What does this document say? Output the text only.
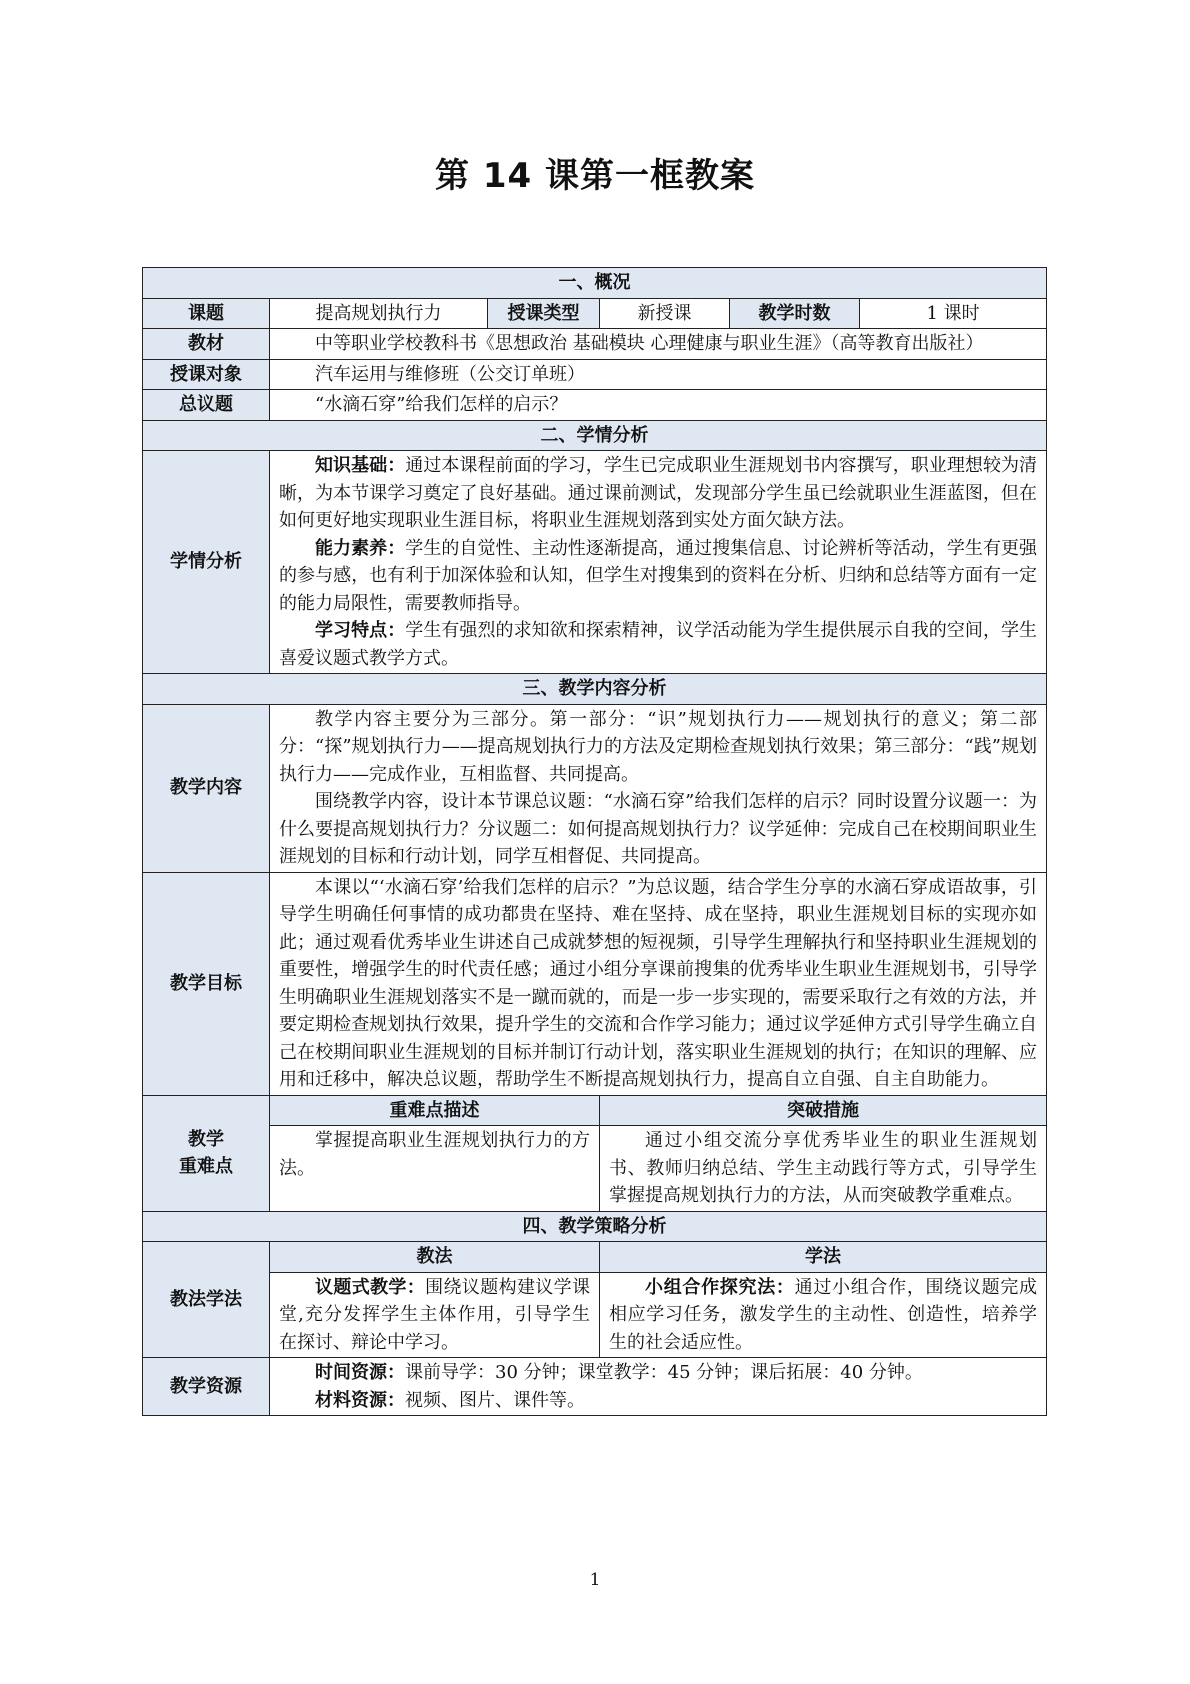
第 14 课第一框教案
一、概况					
课题	提高规划执行力	授课类型	新授课	教学时数	1 课时
教材	中等职业学校教科书《思想政治 基础模块 心理健康与职业生涯》（高等教育出版社）				
授课对象	汽车运用与维修班（公交订单班）				
总议题	“水滴石穿”给我们怎样的启示？				
二、学情分析					
学情分析	知识基础：通过本课程前面的学习，学生已完成职业生涯规划书内容撰写，职业理想较为清晰，为本节课学习奠定了良好基础。通过课前测试，发现部分学生虽已绘就职业生涯蓝图，但在如何更好地实现职业生涯目标，将职业生涯规划落到实处方面欠缺方法。
能力素养：学生的自觉性、主动性逐渐提高，通过搜集信息、讨论辨析等活动，学生有更强的参与感，也有利于加深体验和认知，但学生对搜集到的资料在分析、归纳和总结等方面有一定的能力局限性，需要教师指导。
学习特点：学生有强烈的求知欲和探索精神，议学活动能为学生提供展示自我的空间，学生喜爱议题式教学方式。				

三、教学内容分析					
教学内容	教学内容主要分为三部分。第一部分：“识”规划执行力——规划执行的意义；第二部分：“探”规划执行力——提高规划执行力的方法及定期检查规划执行效果；第三部分：“践”规划执行力——完成作业，互相监督、共同提高。
围绕教学内容，设计本节课总议题：“水滴石穿”给我们怎样的启示？同时设置分议题一：为什么要提高规划执行力？分议题二：如何提高规划执行力？议学延伸：完成自己在校期间职业生涯规划的目标和行动计划，同学互相督促、共同提高。				

教学目标	本课以“‘水滴石穿’给我们怎样的启示？”为总议题，结合学生分享的水滴石穿成语故事，引导学生明确任何事情的成功都贵在坚持、难在坚持、成在坚持，职业生涯规划目标的实现亦如此；通过观看优秀毕业生讲述自己成就梦想的短视频，引导学生理解执行和坚持职业生涯规划的重要性，增强学生的时代责任感；通过小组分享课前搜集的优秀毕业生职业生涯规划书，引导学生明确职业生涯规划落实不是一蹴而就的，而是一步一步实现的，需要采取行之有效的方法，并要定期检查规划执行效果，提升学生的交流和合作学习能力；通过议学延伸方式引导学生确立自己在校期间职业生涯规划的目标并制订行动计划，落实职业生涯规划的执行；在知识的理解、应用和迁移中，解决总议题，帮助学生不断提高规划执行力，提高自立自强、自主自助能力。				

教学
重难点	重难点描述		突破措施		
	掌握提高职业生涯规划执行力的方法。		通过小组交流分享优秀毕业生的职业生涯规划书、教师归纳总结、学生主动践行等方式，引导学生掌握提高规划执行力的方法，从而突破教学重难点。		
四、教学策略分析					
教法学法	教法		学法		
	议题式教学：围绕议题构建议学课堂,充分发挥学生主体作用，引导学生在探讨、辩论中学习。		小组合作探究法：通过小组合作，围绕议题完成相应学习任务，激发学生的主动性、创造性，培养学生的社会适应性。		
教学资源	时间资源：课前导学：30 分钟；课堂教学：45 分钟；课后拓展：40 分钟。
材料资源：视频、图片、课件等。				
1
